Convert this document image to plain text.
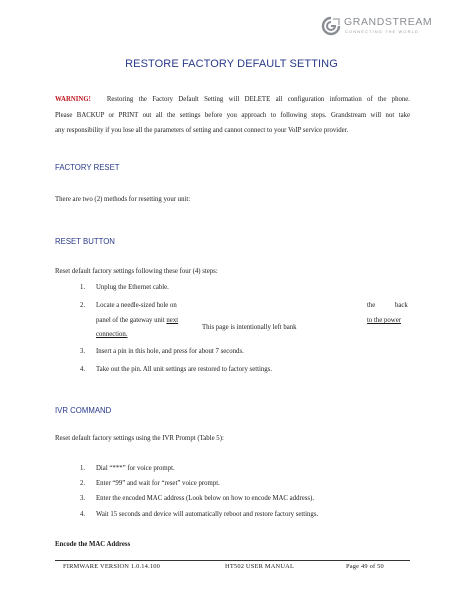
GRANDSTREAM
CONNECTING THE WORLD
RESTORE FACTORY DEFAULT SETTING
WARNING! Restoring the Factory Default Setting will DELETE all configuration information of the phone.
Please BACKUP or PRINT out all the settings before you approach to following steps. Grandstream will not take
any responsibility if you lose all the parameters of setting and cannot connect to your VoIP service provider.
FACTORY RESET
There are two (2) methods for resetting your unit:
RESET BUTTON
Reset default factory settings following these four (4) steps:
1. Unplug the Ethernet cable.
2. Locate a needle-sized hole on	the	back
panel of the gateway unit next	to the power
connection.
This page is intentionally left bank
3. Insert a pin in this hole, and press for about 7 seconds.
4. Take out the pin. All unit settings are restored to factory settings.
IVR COMMAND
Reset default factory settings using the IVR Prompt (Table 5):
1. Dial “***” for voice prompt.
2. Enter “99” and wait for “reset” voice prompt.
3. Enter the encoded MAC address (Look below on how to encode MAC address).
4. Wait 15 seconds and device will automatically reboot and restore factory settings.
Encode the MAC Address
FIRMWARE VERSION 1.0.14.100	HT502 USER MANUAL	Page 49 of 50
